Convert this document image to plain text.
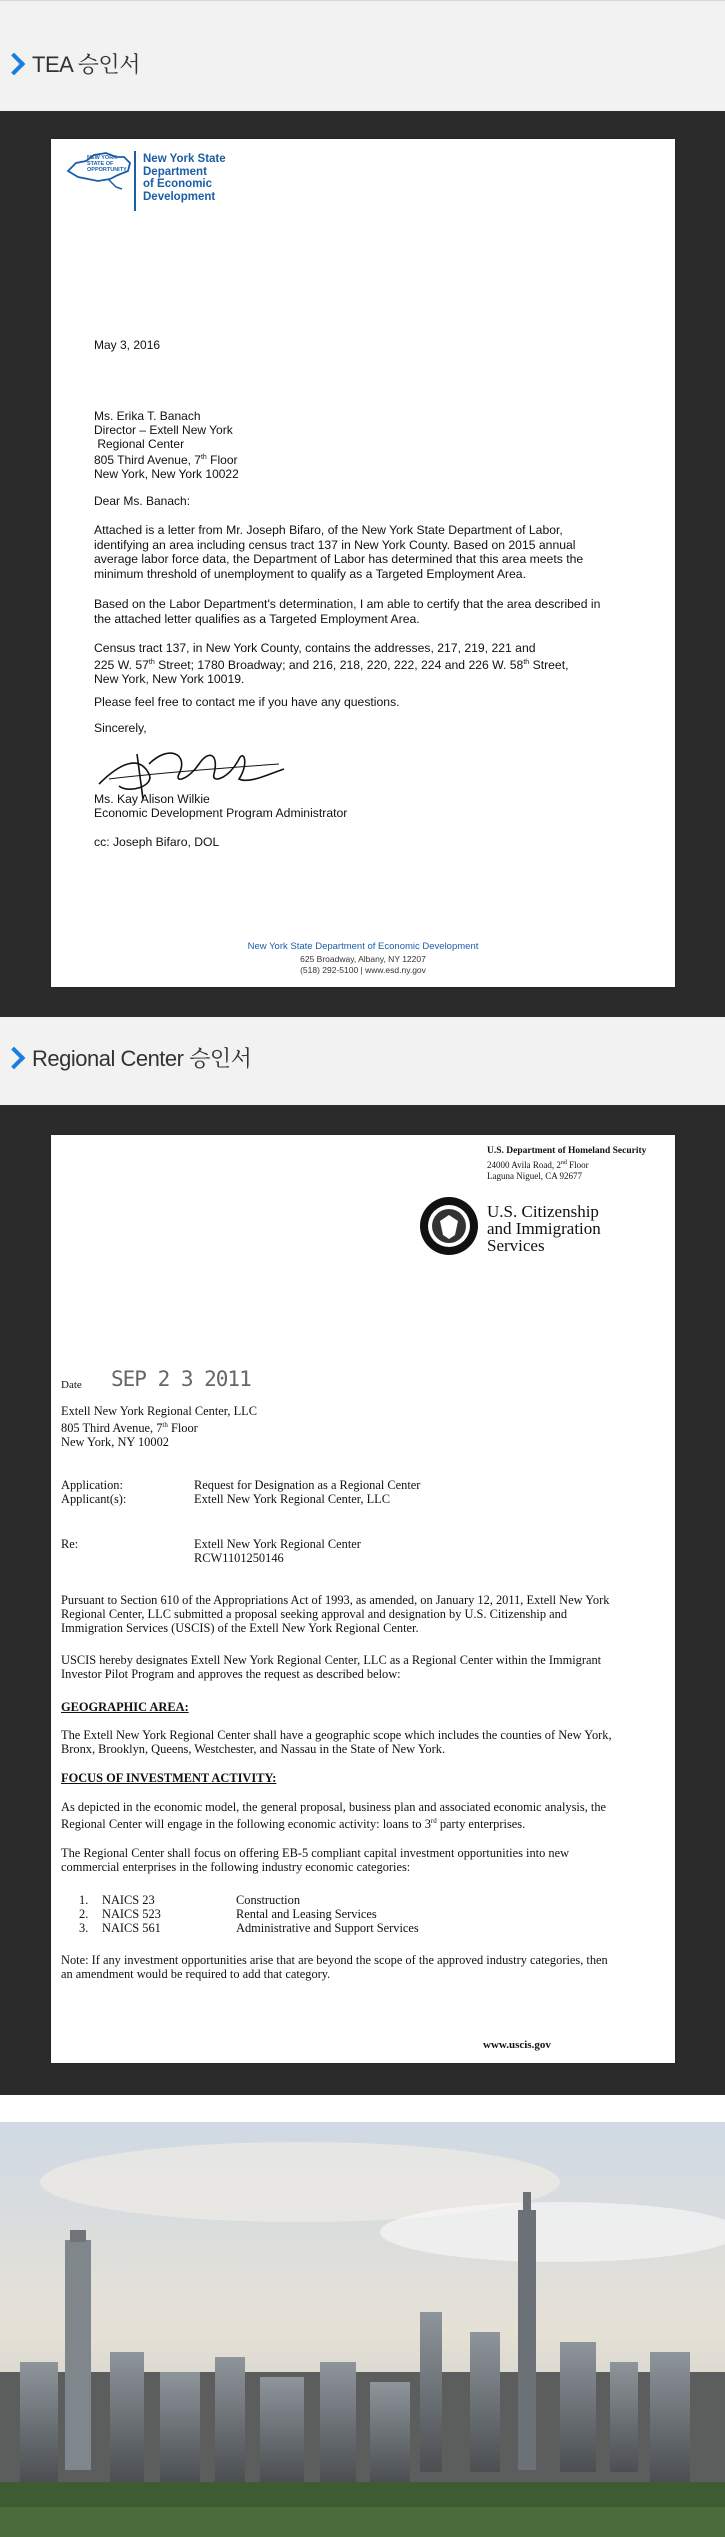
TEA 승인서
NEW YORK STATE OF OPPORTUNITY
New York State
Department
of Economic
Development
May 3, 2016
Ms. Erika T. Banach
Director – Extell New York
Regional Center
805 Third Avenue, 7th Floor
New York, New York 10022
Dear Ms. Banach:
Attached is a letter from Mr. Joseph Bifaro, of the New York State Department of Labor,
identifying an area including census tract 137 in New York County. Based on 2015 annual
average labor force data, the Department of Labor has determined that this area meets the
minimum threshold of unemployment to qualify as a Targeted Employment Area.
Based on the Labor Department's determination, I am able to certify that the area described in
the attached letter qualifies as a Targeted Employment Area.
Census tract 137, in New York County, contains the addresses, 217, 219, 221 and
225 W. 57th Street; 1780 Broadway; and 216, 218, 220, 222, 224 and 226 W. 58th Street,
New York, New York 10019.
Please feel free to contact me if you have any questions.
Sincerely,
Ms. Kay Alison Wilkie
Economic Development Program Administrator
cc: Joseph Bifaro, DOL
New York State Department of Economic Development
625 Broadway, Albany, NY 12207
(518) 292-5100 | www.esd.ny.gov
Regional Center 승인서
U.S. Department of Homeland Security
24000 Avila Road, 2nd Floor
Laguna Niguel, CA 92677
U.S. Citizenship
and Immigration
Services
Date SEP 2 3 2011
Extell New York Regional Center, LLC
805 Third Avenue, 7th Floor
New York, NY 10002
Application:	Request for Designation as a Regional Center
Applicant(s):	Extell New York Regional Center, LLC
Re:	Extell New York Regional Center
RCW1101250146
Pursuant to Section 610 of the Appropriations Act of 1993, as amended, on January 12, 2011, Extell New York
Regional Center, LLC submitted a proposal seeking approval and designation by U.S. Citizenship and
Immigration Services (USCIS) of the Extell New York Regional Center.
USCIS hereby designates Extell New York Regional Center, LLC as a Regional Center within the Immigrant
Investor Pilot Program and approves the request as described below:
GEOGRAPHIC AREA:
The Extell New York Regional Center shall have a geographic scope which includes the counties of New York,
Bronx, Brooklyn, Queens, Westchester, and Nassau in the State of New York.
FOCUS OF INVESTMENT ACTIVITY:
As depicted in the economic model, the general proposal, business plan and associated economic analysis, the
Regional Center will engage in the following economic activity: loans to 3rd party enterprises.
The Regional Center shall focus on offering EB-5 compliant capital investment opportunities into new
commercial enterprises in the following industry economic categories:
1. NAICS 23	Construction
2. NAICS 523	Rental and Leasing Services
3. NAICS 561	Administrative and Support Services
Note: If any investment opportunities arise that are beyond the scope of the approved industry categories, then
an amendment would be required to add that category.
www.uscis.gov
